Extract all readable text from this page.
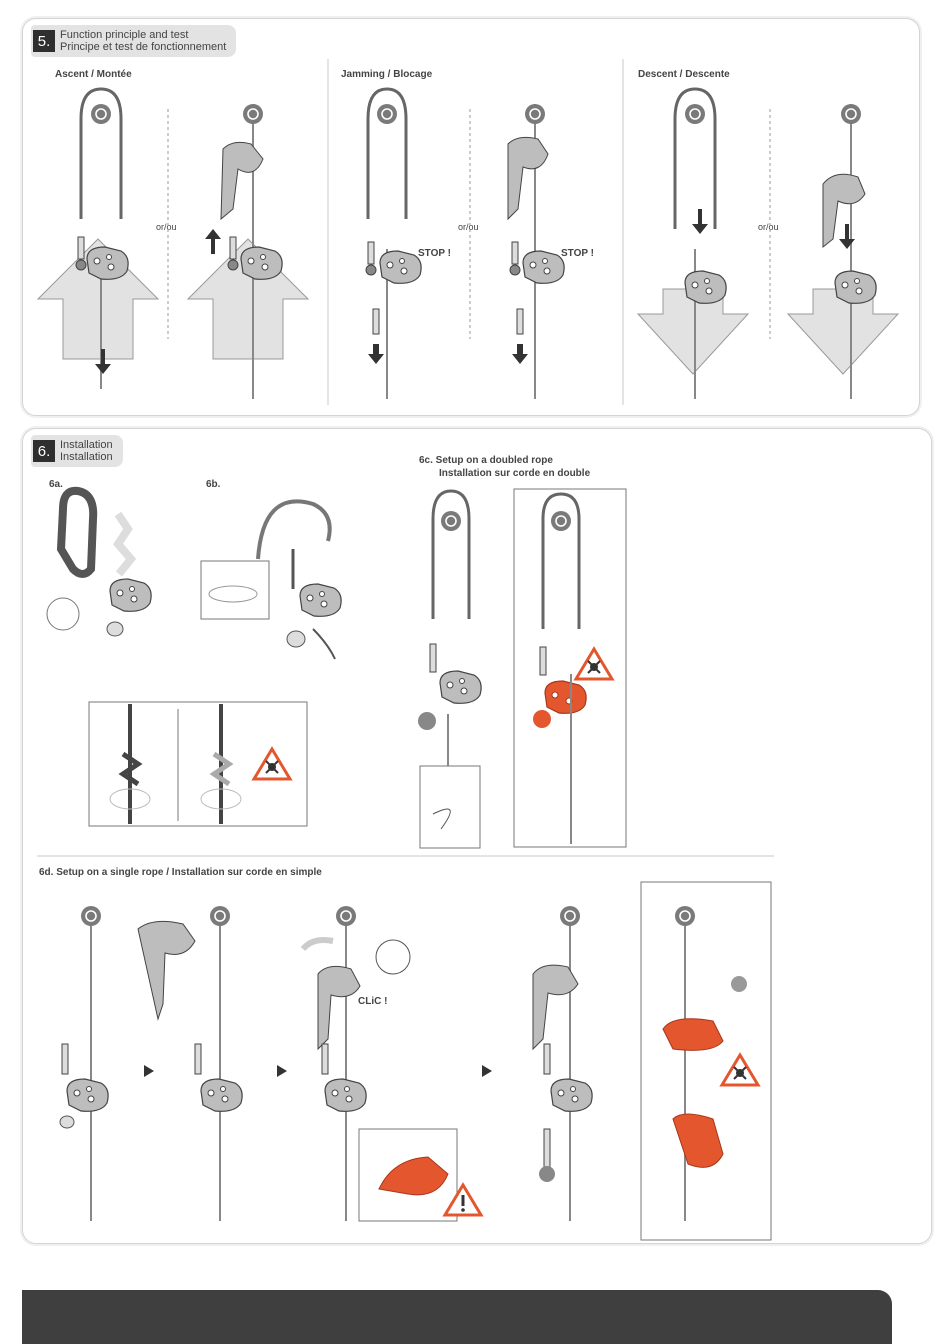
5. Function principle and test
Principe et test de fonctionnement
Ascent / Montée	Jamming / Blocage	Descent / Descente
or/ou	or/ou	or/ou
STOP !	STOP !
6. Installation
Installation
6a.	6b.
6c. Setup on a doubled rope
Installation sur corde en double
6d. Setup on a single rope / Installation sur corde en simple
CLiC !
